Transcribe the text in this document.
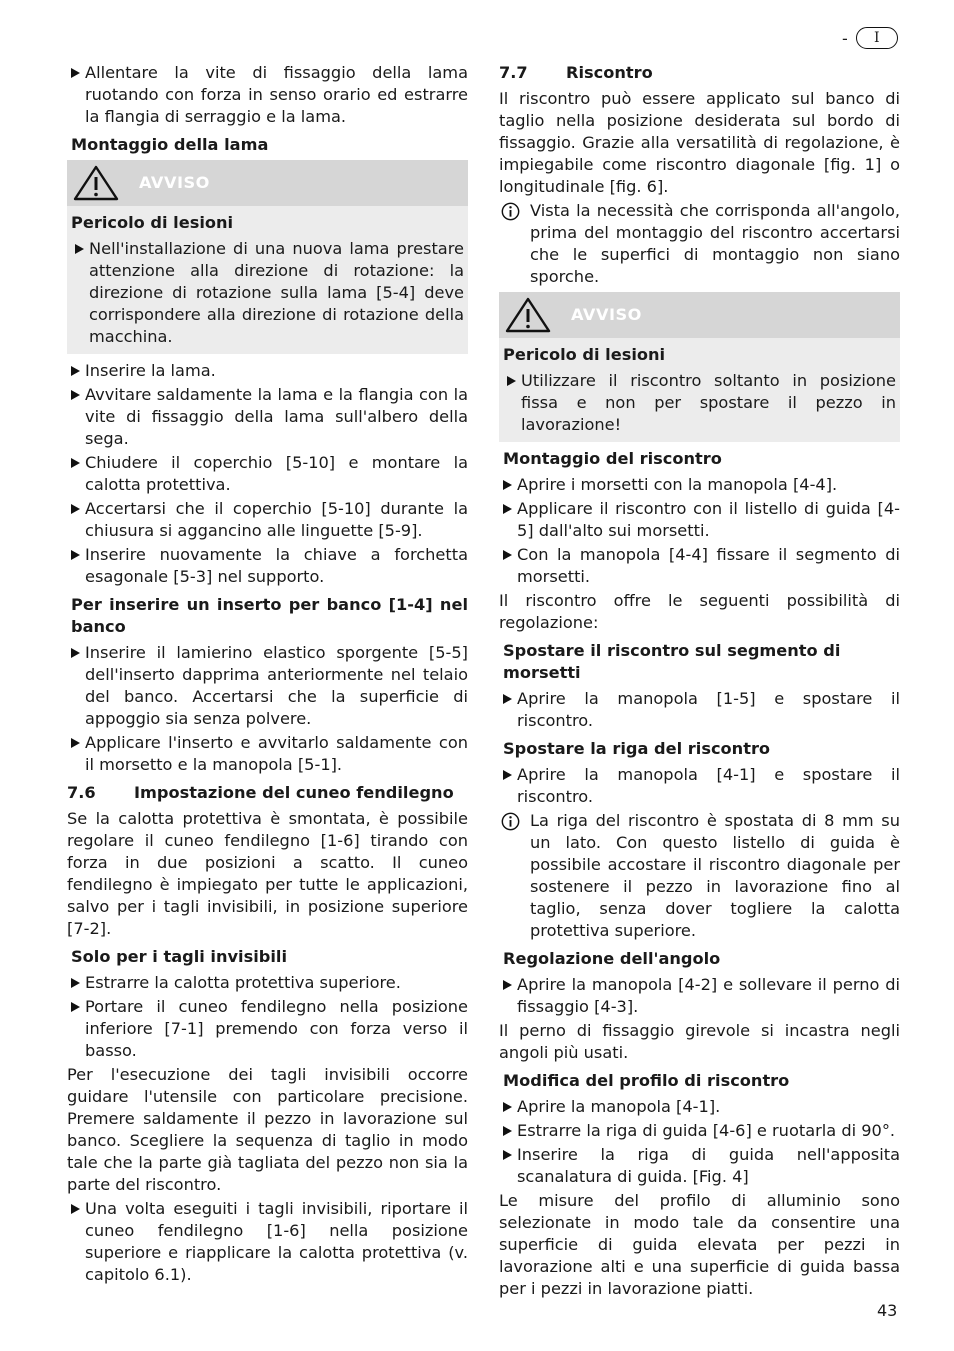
-	I
Allentare la vite di fissaggio della lama ruotando con forza in senso orario ed estrarre la flangia di serraggio e la lama.
Montaggio della lama
AVVISO
Pericolo di lesioni
Nell'installazione di una nuova lama prestare attenzione alla direzione di rotazione: la direzione di rotazione sulla lama [5-4] deve corrispondere alla direzione di rotazione della macchina.
Inserire la lama.
Avvitare saldamente la lama e la flangia con la vite di fissaggio della lama sull'albero della sega.
Chiudere il coperchio [5-10] e montare la calotta protettiva.
Accertarsi che il coperchio [5-10] durante la chiusura si aggancino alle linguette [5-9].
Inserire nuovamente la chiave a forchetta esagonale [5-3] nel supporto.
Per inserire un inserto per banco [1-4] nel banco
Inserire il lamierino elastico sporgente [5-5] dell'inserto dapprima anteriormente nel telaio del banco. Accertarsi che la superficie di appoggio sia senza polvere.
Applicare l'inserto e avvitarlo saldamente con il morsetto e la manopola [5-1].
7.6	Impostazione del cuneo fendilegno

Se la calotta protettiva è smontata, è possibile regolare il cuneo fendilegno [1-6] tirando con forza in due posizioni a scatto. Il cuneo fendilegno è impiegato per tutte le applicazioni, salvo per i tagli invisibili, in posizione superiore [7-2].

Solo per i tagli invisibili
Estrarre la calotta protettiva superiore.
Portare il cuneo fendilegno nella posizione inferiore [7-1] premendo con forza verso il basso.

Per l'esecuzione dei tagli invisibili occorre guidare l'utensile con particolare precisione. Premere saldamente il pezzo in lavorazione sul banco. Scegliere la sequenza di taglio in modo tale che la parte già tagliata del pezzo non sia la parte del riscontro.

Una volta eseguiti i tagli invisibili, riportare il cuneo fendilegno [1-6] nella posizione superiore e riapplicare la calotta protettiva (v. capitolo 6.1).
7.7	Riscontro

Il riscontro può essere applicato sul banco di taglio nella posizione desiderata sul bordo di fissaggio. Grazie alla versatilità di regolazione, è impiegabile come riscontro diagonale [fig. 1] o longitudinale [fig. 6].

Vista la necessità che corrisponda all'angolo, prima del montaggio del riscontro accertarsi che le superfici di montaggio non siano sporche.
AVVISO
Pericolo di lesioni
Utilizzare il riscontro soltanto in posizione fissa e non per spostare il pezzo in lavorazione!
Montaggio del riscontro
Aprire i morsetti con la manopola [4-4].
Applicare il riscontro con il listello di guida [4-5] dall'alto sui morsetti.
Con la manopola [4-4] fissare il segmento di morsetti.

Il riscontro offre le seguenti possibilità di regolazione:

Spostare il riscontro sul segmento di morsetti
Aprire la manopola [1-5] e spostare il riscontro.
Spostare la riga del riscontro
Aprire la manopola [4-1] e spostare il riscontro.
La riga del riscontro è spostata di 8 mm su un lato. Con questo listello di guida è possibile accostare il riscontro diagonale per sostenere il pezzo in lavorazione fino al taglio, senza dover togliere la calotta protettiva superiore.
Regolazione dell'angolo
Aprire la manopola [4-2] e sollevare il perno di fissaggio [4-3].

Il perno di fissaggio girevole si incastra negli angoli più usati.

Modifica del profilo di riscontro
Aprire la manopola [4-1].
Estrarre la riga di guida [4-6] e ruotarla di 90°.
Inserire la riga di guida nell'apposita scanalatura di guida. [Fig. 4]

Le misure del profilo di alluminio sono selezionate in modo tale da consentire una superficie di guida elevata per pezzi in lavorazione alti e una superficie di guida bassa per i pezzi in lavorazione piatti.

43
